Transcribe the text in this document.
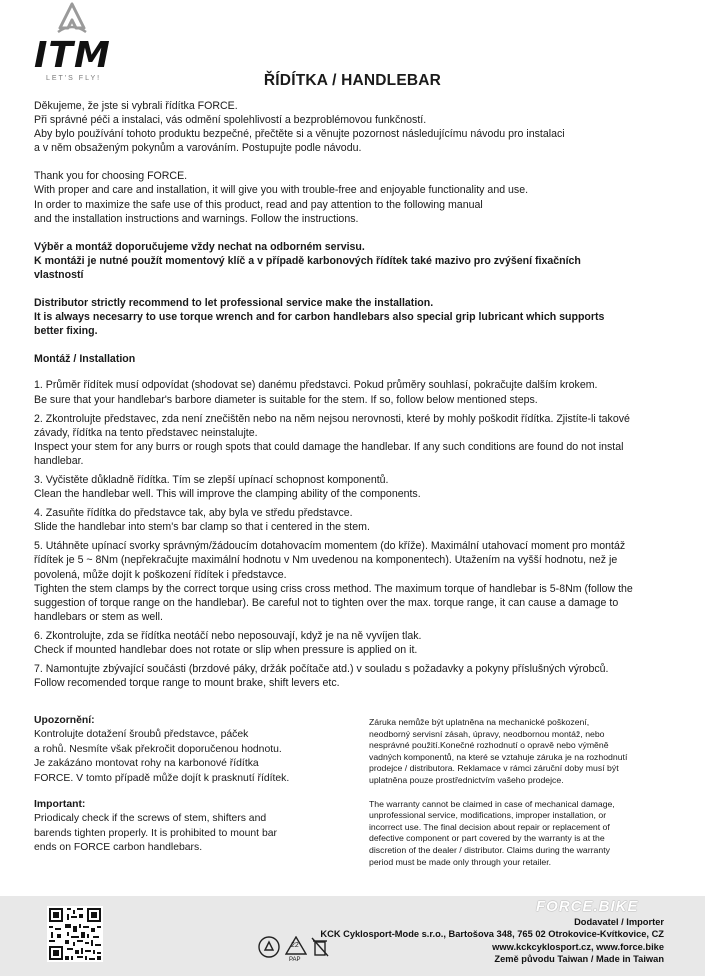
ITM
LET'S FLY!	ŘÍDÍTKA / HANDLEBAR

Děkujeme, že jste si vybrali řídítka FORCE.

Při správné péči a instalaci, vás odmění spolehlivostí a bezproblémovou funkčností.

Aby bylo používání tohoto produktu bezpečné, přečtěte si a věnujte pozornost následujícímu návodu pro instalaci

a v něm obsaženým pokynům a varováním. Postupujte podle návodu.

Thank you for choosing FORCE.

With proper and care and installation, it will give you with trouble-free and enjoyable functionality and use.

In order to maximize the safe use of this product, read and pay attention to the following manual

and the installation instructions and warnings. Follow the instructions.

Výběr a montáž doporučujeme vždy nechat na odborném servisu.

K montáži je nutné použít momentový klíč a v případě karbonových řídítek také mazivo pro zvýšení fixačních

vlastností

Distributor strictly recommend to let professional service make the installation.

It is always necesarry to use torque wrench and for carbon handlebars also special grip lubricant which supports

better fixing.

Montáž / Installation

1. Průměr řídítek musí odpovídat (shodovat se) danému představci. Pokud průměry souhlasí, pokračujte dalším krokem.

Be sure that your handlebar's barbore diameter is suitable for the stem. If so, follow below mentioned steps.

2. Zkontrolujte představec, zda není znečištěn nebo na něm nejsou nerovnosti, které by mohly poškodit řídítka. Zjistíte-li takové

závady, řídítka na tento představec neinstalujte.

Inspect your stem for any burrs or rough spots that could damage the handlebar. If any such conditions are found do not instal

handlebar.

3. Vyčistěte důkladně řídítka. Tím se zlepší upínací schopnost komponentů.

Clean the handlebar well. This will improve the clamping ability of the components.

4. Zasuňte řídítka do představce tak, aby byla ve středu představce.

Slide the handlebar into stem's bar clamp so that i centered in the stem.

5. Utáhněte upínací svorky správným/žádoucím dotahovacím momentem (do kříže). Maximální utahovací moment pro montáž

řídítek je 5 ~ 8Nm (nepřekračujte maximální hodnotu v Nm uvedenou na komponentech). Utažením na vyšší hodnotu, než je

povolená, může dojít k poškození řídítek i představce.

Tighten the stem clamps by the correct torque using criss cross method. The maximum torque of handlebar is 5-8Nm (follow the

suggestion of torque range on the handlebar). Be careful not to tighten over the max. torque range, it can cause a damage to

handlebars or stem as well.

6. Zkontrolujte, zda se řídítka neotáčí nebo neposouvají, když je na ně vyvíjen tlak.

Check if mounted handlebar does not rotate or slip when pressure is applied on it.

7. Namontujte zbývající součásti (brzdové páky, držák počítače atd.) v souladu s požadavky a pokyny příslušných výrobců.

Follow recomended torque range to mount brake, shift levers etc.

Upozornění:

Kontrolujte dotažení šroubů představce, páček

a rohů. Nesmíte však překročit doporučenou hodnotu.

Je zakázáno montovat rohy na karbonové řídítka

FORCE. V tomto případě může dojít k prasknutí řídítek.

Important:

Priodicaly check if the screws of stem, shifters and

barends tighten properly. It is prohibited to mount bar

ends on FORCE carbon handlebars.

Záruka nemůže být uplatněna na mechanické poškození,

neodborný servisní zásah, úpravy, neodbornou montáž, nebo

nesprávné použití.Konečné rozhodnutí o opravě nebo výměně

vadných komponentů, na které se vztahuje záruka je na rozhodnutí

prodejce / distributora. Reklamace v rámci záruční doby musí být

uplatněna pouze prostřednictvím vašeho prodejce.

The warranty cannot be claimed in case of mechanical damage,

unprofessional service, modifications, improper installation, or

incorrect use. The final decision about repair or replacement of

defective component or part covered by the warranty is at the

discretion of the dealer / distributor. Claims during the warranty

period must be made only through your retailer.

22
PAP
FORCE.BIKE
Dodavatel / Importer
KCK Cyklosport-Mode s.r.o., Bartošova 348, 765 02 Otrokovice-Kvítkovice, CZ
www.kckcyklosport.cz, www.force.bike
Země původu Taiwan / Made in Taiwan
